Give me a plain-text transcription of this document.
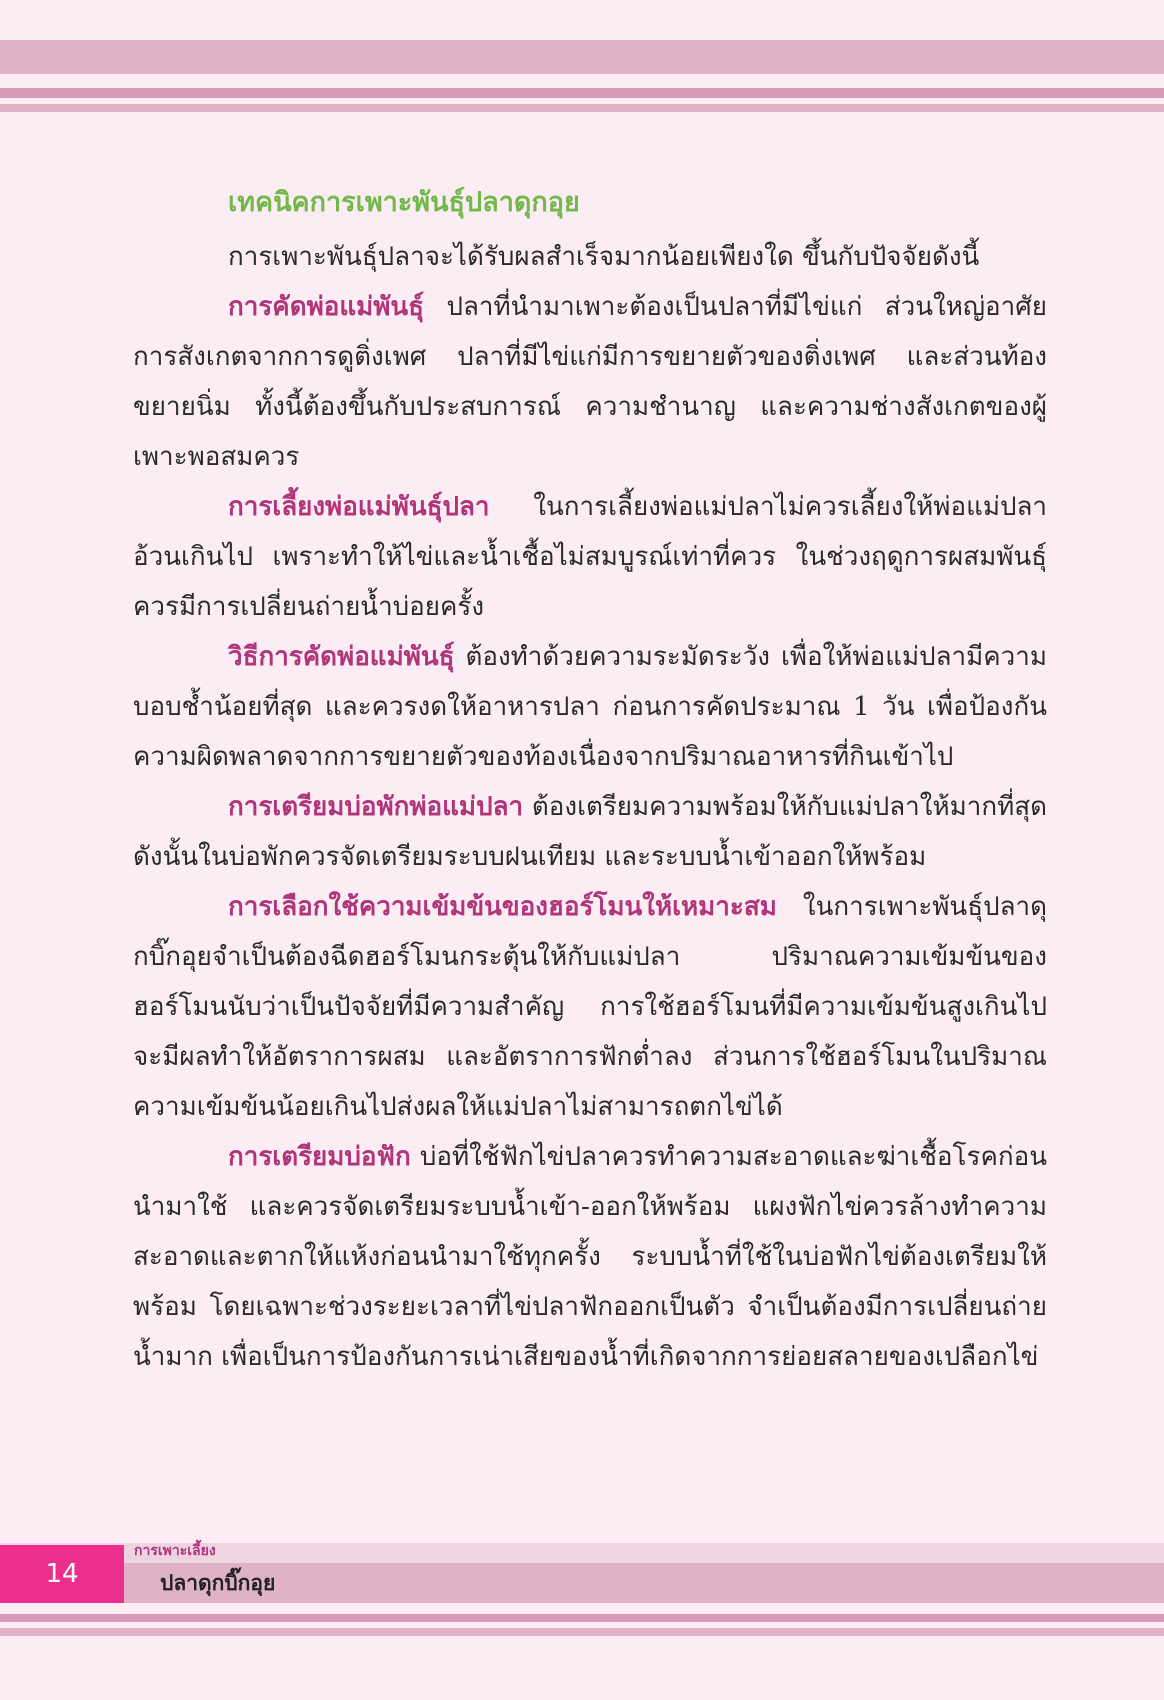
เทคนิคการเพาะพันธุ์ปลาดุกอุย

การเพาะพันธุ์ปลาจะได้รับผลสำเร็จมากน้อยเพียงใด ขึ้นกับปัจจัยดังนี้

การคัดพ่อแม่พันธุ์ ปลาที่นำมาเพาะต้องเป็นปลาที่มีไข่แก่ ส่วนใหญ่อาศัยการสังเกตจากการดูติ่งเพศ ปลาที่มีไข่แก่มีการขยายตัวของติ่งเพศ และส่วนท้องขยายนิ่ม ทั้งนี้ต้องขึ้นกับประสบการณ์ ความชำนาญ และความช่างสังเกตของผู้เพาะพอสมควร

การเลี้ยงพ่อแม่พันธุ์ปลา ในการเลี้ยงพ่อแม่ปลาไม่ควรเลี้ยงให้พ่อแม่ปลาอ้วนเกินไป เพราะทำให้ไข่และน้ำเชื้อไม่สมบูรณ์เท่าที่ควร ในช่วงฤดูการผสมพันธุ์ควรมีการเปลี่ยนถ่ายน้ำบ่อยครั้ง

วิธีการคัดพ่อแม่พันธุ์ ต้องทำด้วยความระมัดระวัง เพื่อให้พ่อแม่ปลามีความบอบช้ำน้อยที่สุด และควรงดให้อาหารปลา ก่อนการคัดประมาณ 1 วัน เพื่อป้องกันความผิดพลาดจากการขยายตัวของท้องเนื่องจากปริมาณอาหารที่กินเข้าไป

การเตรียมบ่อพักพ่อแม่ปลา ต้องเตรียมความพร้อมให้กับแม่ปลาให้มากที่สุด ดังนั้นในบ่อพักควรจัดเตรียมระบบฝนเทียม และระบบน้ำเข้าออกให้พร้อม

การเลือกใช้ความเข้มข้นของฮอร์โมนให้เหมาะสม ในการเพาะพันธุ์ปลาดุกบิ๊กอุยจำเป็นต้องฉีดฮอร์โมนกระตุ้นให้กับแม่ปลา ปริมาณความเข้มข้นของฮอร์โมนนับว่าเป็นปัจจัยที่มีความสำคัญ การใช้ฮอร์โมนที่มีความเข้มข้นสูงเกินไปจะมีผลทำให้อัตราการผสม และอัตราการฟักต่ำลง ส่วนการใช้ฮอร์โมนในปริมาณความเข้มข้นน้อยเกินไปส่งผลให้แม่ปลาไม่สามารถตกไข่ได้

การเตรียมบ่อฟัก บ่อที่ใช้ฟักไข่ปลาควรทำความสะอาดและฆ่าเชื้อโรคก่อนนำมาใช้ และควรจัดเตรียมระบบน้ำเข้า-ออกให้พร้อม แผงฟักไข่ควรล้างทำความสะอาดและตากให้แห้งก่อนนำมาใช้ทุกครั้ง ระบบน้ำที่ใช้ในบ่อฟักไข่ต้องเตรียมให้พร้อม โดยเฉพาะช่วงระยะเวลาที่ไข่ปลาฟักออกเป็นตัว จำเป็นต้องมีการเปลี่ยนถ่ายน้ำมาก เพื่อเป็นการป้องกันการเน่าเสียของน้ำที่เกิดจากการย่อยสลายของเปลือกไข่

14
การเพาะเลี้ยง
ปลาดุกบิ๊กอุย
